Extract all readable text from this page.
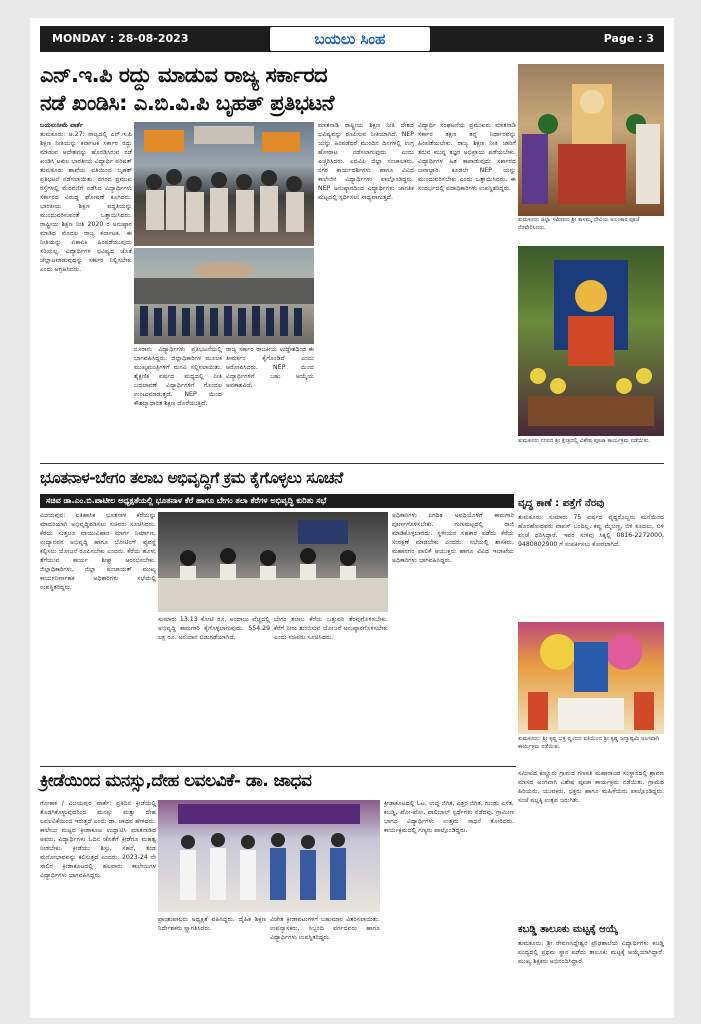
MONDAY : 28-08-2023	ಬಯಲು ಸಿಂಹ	Page : 3
ಎನ್.ಇ.ಪಿ ರದ್ದು ಮಾಡುವ ರಾಜ್ಯ ಸರ್ಕಾರದ
ನಡೆ ಖಂಡಿಸಿ: ಎ.ಬಿ.ವಿ.ಪಿ ಬೃಹತ್ ಪ್ರತಿಭಟನೆ
ಬಯಲುಸೀಮೆ ವಾರ್ತೆ
ತುಮಕೂರು: ಆ.27: ರಾಜ್ಯದಲ್ಲಿ ಎನ್.ಇ.ಪಿ ಶಿಕ್ಷಣ ನೀತಿಯನ್ನು ಕರ್ನಾಟಕ ಸರ್ಕಾರ ರದ್ದು ಮಾಡುವ ಆದೇಶವನ್ನು ಹೊರಡಿಸಿರುವ ನಡೆ ಖಂಡಿಸಿ ಅಖಿಲ ಭಾರತೀಯ ವಿದ್ಯಾರ್ಥಿ ಪರಿಷತ್ ತುಮಕೂರು ಶಾಖೆಯ ವತಿಯಿಂದ ಬೃಹತ್ ಪ್ರತಿಭಟನೆ ನಡೆಸಲಾಯಿತು. ನಗರದ ಪ್ರಮುಖ ರಸ್ತೆಗಳಲ್ಲಿ ಮೆರವಣಿಗೆ ನಡೆಸಿದ ವಿದ್ಯಾರ್ಥಿಗಳು ಸರ್ಕಾರದ ವಿರುದ್ಧ ಘೋಷಣೆ ಕೂಗಿದರು. ಭಾರತೀಯ ಶಿಕ್ಷಣ ಪದ್ಧತಿಯನ್ನು ಮುಂದುವರಿಸುವಂತೆ ಒತ್ತಾಯಿಸಿದರು. ರಾಷ್ಟ್ರೀಯ ಶಿಕ್ಷಣ ನೀತಿ 2020 ರ ಅನುಷ್ಠಾನ ಮಾಡಿದ ಮೊದಲ ರಾಜ್ಯ ಕರ್ನಾಟಕ. ಈ ನೀತಿಯನ್ನು ಏಕಾಏಕಿ ಹಿಂಪಡೆಯುವುದು ಸರಿಯಲ್ಲ. ವಿದ್ಯಾರ್ಥಿಗಳ ಭವಿಷ್ಯದ ಜೊತೆ ಚೆಲ್ಲಾಟವಾಡುವುದನ್ನು ಸರ್ಕಾರ ನಿಲ್ಲಿಸಬೇಕು ಎಂದು ಆಗ್ರಹಿಸಿದರು.
ನೂರಾರು ವಿದ್ಯಾರ್ಥಿಗಳು ಪ್ರತಿಭಟನೆಯಲ್ಲಿ ಭಾಗವಹಿಸಿದ್ದರು. ಜಿಲ್ಲಾಧಿಕಾರಿಗಳ ಮೂಲಕ ಮುಖ್ಯಮಂತ್ರಿಗಳಿಗೆ ಮನವಿ ಸಲ್ಲಿಸಲಾಯಿತು. ಶೈಕ್ಷಣಿಕ ವರ್ಷದ ಮಧ್ಯದಲ್ಲಿ ನೀತಿ ಬದಲಾವಣೆ ವಿದ್ಯಾರ್ಥಿಗಳಿಗೆ ಗೊಂದಲ ಉಂಟುಮಾಡುತ್ತದೆ. NEP ಯಿಂದ ಕೌಶಲ್ಯಾಧಾರಿತ ಶಿಕ್ಷಣ ದೊರೆಯುತ್ತಿದೆ.
ರಾಜ್ಯ ಸರ್ಕಾರ ರಾಜಕೀಯ ಉದ್ದೇಶದಿಂದ ಈ ತೀರ್ಮಾನ ಕೈಗೊಂಡಿದೆ ಎಂದು ಆರೋಪಿಸಿದರು. NEP ಯಿಂದ ವಿದ್ಯಾರ್ಥಿಗಳಿಗೆ ಬಹು ಆಯ್ಕೆಯ ಅವಕಾಶವಿದೆ.
ಮಾತನಾಡಿ ರಾಷ್ಟ್ರೀಯ ಶಿಕ್ಷಣ ನೀತಿ ದೇಶದ ಭವಿಷ್ಯವನ್ನು ರೂಪಿಸುವ ನೀತಿಯಾಗಿದೆ. NEP ಯನ್ನು ಹಿಂಪಡೆದರೆ ಮುಂದಿನ ದಿನಗಳಲ್ಲಿ ಉಗ್ರ ಹೋರಾಟ ನಡೆಸಲಾಗುವುದು ಎಂದು ಎಚ್ಚರಿಸಿದರು. ಎಬಿವಿಪಿ ಜಿಲ್ಲಾ ಸಂಚಾಲಕರು, ನಗರ ಕಾರ್ಯದರ್ಶಿಗಳು ಹಾಗೂ ವಿವಿಧ ಕಾಲೇಜಿನ ವಿದ್ಯಾರ್ಥಿಗಳು ಪಾಲ್ಗೊಂಡಿದ್ದರು. NEP ಅನುಷ್ಠಾನದಿಂದ ವಿದ್ಯಾರ್ಥಿಗಳು ಜಾಗತಿಕ ಮಟ್ಟದಲ್ಲಿ ಸ್ಪರ್ಧಿಸಲು ಸಾಧ್ಯವಾಗುತ್ತದೆ.
ವಿದ್ಯಾರ್ಥಿ ಸಂಘಟನೆಯ ಪ್ರಮುಖರು ಮಾತನಾಡಿ ಸರ್ಕಾರ ತಕ್ಷಣ ತನ್ನ ನಿರ್ಧಾರವನ್ನು ಹಿಂಪಡೆಯಬೇಕು. ರಾಜ್ಯ ಶಿಕ್ಷಣ ನೀತಿ ಜಾರಿಗೆ ತರುವ ಮುನ್ನ ತಜ್ಞರ ಅಭಿಪ್ರಾಯ ಪಡೆಯಬೇಕು. ವಿದ್ಯಾರ್ಥಿಗಳ ಹಿತ ಕಾಪಾಡುವುದು ಸರ್ಕಾರದ ಜವಾಬ್ದಾರಿ. ಕೂಡಲೇ NEP ಯನ್ನು ಮುಂದುವರಿಸಬೇಕು ಎಂದು ಒತ್ತಾಯಿಸಿದರು. ಈ ಸಂದರ್ಭದಲ್ಲಿ ಪದಾಧಿಕಾರಿಗಳು ಉಪಸ್ಥಿತರಿದ್ದರು.
ತುಮಕೂರು ಜಿಲ್ಲಾ ಸಮೀಪದ ಶ್ರೀ ಕಾಳಮ್ಮ ದೇವಿಯ ಅಲಂಕಾರ ಪೂಜೆ ನೆರವೇರಿಸಿದರು.
ತುಮಕೂರು ನಗರದ ಶ್ರೀ ಕ್ಷೇತ್ರದಲ್ಲಿ ವಿಶೇಷ ಪೂಜಾ ಕಾರ್ಯಕ್ರಮ ನಡೆಯಿತು.
ಭೂತನಾಳ-ಬೇಗಂ ತಲಾಬ ಅಭಿವೃದ್ಧಿಗೆ ಕ್ರಮ ಕೈಗೊಳ್ಳಲು ಸೂಚನೆ
ಸಚಿವ ಡಾ.ಎಂ.ಬಿ.ಪಾಟೀಲ ಅಧ್ಯಕ್ಷತೆಯಲ್ಲಿ ಭೂತನಾಳ ಕೆರೆ ಹಾಗೂ ಬೇಗಂ ತಲಾ ಕೆರೆಗಳ ಅಭಿವೃದ್ಧಿ ಕುರಿತು ಸಭೆ
ವಿಜಯಪುರ: ಐತಿಹಾಸಿಕ ಭೂತನಾಳ ಕೆರೆಯನ್ನು ಮಾದರಿಯಾಗಿ ಅಭಿವೃದ್ಧಿಪಡಿಸಲು ಸಚಿವರು ಸೂಚಿಸಿದರು. ಕೆರೆಯ ಸುತ್ತಲೂ ವಾಯುವಿಹಾರ ಮಾರ್ಗ ನಿರ್ಮಾಣ, ಉದ್ಯಾನವನ ಅಭಿವೃದ್ಧಿ ಹಾಗೂ ಬೋಟಿಂಗ್ ವ್ಯವಸ್ಥೆ ಕಲ್ಪಿಸಲು ಯೋಜನೆ ರೂಪಿಸಬೇಕು ಎಂದರು. ಕೆರೆಯ ಹೂಳು ತೆಗೆಯುವ ಕಾರ್ಯ ಶೀಘ್ರ ಆರಂಭಿಸಬೇಕು. ಜಿಲ್ಲಾಧಿಕಾರಿಗಳು, ಜಿಲ್ಲಾ ಪಂಚಾಯತ್ ಮುಖ್ಯ ಕಾರ್ಯನಿರ್ವಾಹಕ ಅಧಿಕಾರಿಗಳು ಸಭೆಯಲ್ಲಿ ಉಪಸ್ಥಿತರಿದ್ದರು.
ಸುಮಾರು 13.13 ಕೋಟಿ ರೂ. ಅಂದಾಜು ವೆಚ್ಚದಲ್ಲಿ ಅಭಿವೃದ್ಧಿ ಕಾಮಗಾರಿ ಕೈಗೊಳ್ಳಲಾಗುವುದು. 554.29 ಲಕ್ಷ ರೂ. ಅನುದಾನ ಬಿಡುಗಡೆಯಾಗಿದೆ.
ಬೇಗಂ ತಲಾಬ ಕೆರೆಯ ಒತ್ತುವರಿ ತೆರವುಗೊಳಿಸಬೇಕು. ಕೆರೆಗೆ ನೀರು ತುಂಬಿಸುವ ಯೋಜನೆ ಅನುಷ್ಠಾನಗೊಳಿಸಬೇಕು ಎಂದು ಸಚಿವರು ಸೂಚಿಸಿದರು.
ಅಧಿಕಾರಿಗಳು ನಿಗದಿತ ಅವಧಿಯೊಳಗೆ ಕಾಮಗಾರಿ ಪೂರ್ಣಗೊಳಿಸಬೇಕು. ಗುಣಮಟ್ಟದಲ್ಲಿ ರಾಜಿ ಮಾಡಿಕೊಳ್ಳಬಾರದು. ಸ್ಥಳೀಯರ ಸಹಕಾರ ಪಡೆದು ಕೆರೆಯ ಸಂರಕ್ಷಣೆ ಮಾಡಬೇಕು ಎಂದರು. ಸಭೆಯಲ್ಲಿ ಶಾಸಕರು, ಮಹಾನಗರ ಪಾಲಿಕೆ ಆಯುಕ್ತರು ಹಾಗೂ ವಿವಿಧ ಇಲಾಖೆಯ ಅಧಿಕಾರಿಗಳು ಭಾಗವಹಿಸಿದ್ದರು.
ವೃದ್ಧ ಕಾಣೆ : ಪತ್ತೆಗೆ ನೆರವು
ತುಮಕೂರು: ಸುಮಾರು 75 ವರ್ಷದ ವೃದ್ಧರೊಬ್ಬರು ಮನೆಯಿಂದ ಹೊರಹೋದವರು ವಾಪಸ್ ಬಂದಿಲ್ಲ. ಕಪ್ಪು ಮೈಬಣ್ಣ, ಬಿಳಿ ಕೂದಲು, ಬಿಳಿ ಪಂಚೆ ಧರಿಸಿದ್ದಾರೆ. ಇವರ ಸುಳಿವು ಸಿಕ್ಕಲ್ಲಿ 0816-2272000, 9480802900 ಗೆ ಸಂಪರ್ಕಿಸಲು ಕೋರಲಾಗಿದೆ.
ತುಮಕೂರು: ಶ್ರೀ ಕೃಷ್ಣ ಭಕ್ತ ವೃಂದದ ವತಿಯಿಂದ ಶ್ರೀ ಕೃಷ್ಣ ಜನ್ಮಾಷ್ಟಮಿ ಅಂಗವಾಗಿ ಕಾರ್ಯಕ್ರಮ ನಡೆಯಿತು.
ಕ್ರೀಡೆಯಿಂದ ಮನಸ್ಸು,ದೇಹ ಲವಲವಿಕೆ- ಡಾ. ಜಾಧವ
ಗೋಕಾಕ / ವಿಜಯಪುರ ವಾರ್ತೆ: ಪ್ರತಿದಿನ ಕ್ರೀಡೆಯಲ್ಲಿ ತೊಡಗಿಕೊಳ್ಳುವುದರಿಂದ ಮನಸ್ಸು ಮತ್ತು ದೇಹ ಲವಲವಿಕೆಯಿಂದ ಇರುತ್ತದೆ ಎಂದು ಡಾ. ಜಾಧವ ಹೇಳಿದರು. ಕಾಲೇಜು ಮಟ್ಟದ ಕ್ರೀಡಾಕೂಟ ಉದ್ಘಾಟಿಸಿ ಮಾತನಾಡಿದ ಅವರು, ವಿದ್ಯಾರ್ಥಿಗಳು ಓದಿನ ಜೊತೆಗೆ ಕ್ರೀಡೆಗೂ ಮಹತ್ವ ನೀಡಬೇಕು. ಕ್ರೀಡೆಯು ಶಿಸ್ತು, ಸಹನೆ, ತಂಡ ಮನೋಭಾವವನ್ನು ಕಲಿಸುತ್ತದೆ ಎಂದರು. 2023-24 ನೇ ಸಾಲಿನ ಕ್ರೀಡಾಕೂಟದಲ್ಲಿ ಹಲವಾರು ಕಾಲೇಜುಗಳ ವಿದ್ಯಾರ್ಥಿಗಳು ಭಾಗವಹಿಸಿದ್ದರು.
ಪ್ರಾಂಶುಪಾಲರು ಅಧ್ಯಕ್ಷತೆ ವಹಿಸಿದ್ದರು. ದೈಹಿಕ ಶಿಕ್ಷಣ ನಿರ್ದೇಶಕರು ಸ್ವಾಗತಿಸಿದರು.
ವಿಜೇತ ಕ್ರೀಡಾಪಟುಗಳಿಗೆ ಬಹುಮಾನ ವಿತರಿಸಲಾಯಿತು. ಉಪನ್ಯಾಸಕರು, ಸಿಬ್ಬಂದಿ ವರ್ಗದವರು ಹಾಗೂ ವಿದ್ಯಾರ್ಥಿಗಳು ಉಪಸ್ಥಿತರಿದ್ದರು.
ಕ್ರೀಡಾಕೂಟದಲ್ಲಿ ಓಟ, ಉದ್ದ ಜಿಗಿತ, ಎತ್ತರ ಜಿಗಿತ, ಗುಂಡು ಎಸೆತ, ಕಬಡ್ಡಿ, ಖೋ-ಖೋ, ವಾಲಿಬಾಲ್ ಸ್ಪರ್ಧೆಗಳು ನಡೆದವು. ಗ್ರಾಮೀಣ ಭಾಗದ ವಿದ್ಯಾರ್ಥಿಗಳು ಉತ್ತಮ ಸಾಧನೆ ತೋರಿದರು. ಕಾರ್ಯಕ್ರಮದಲ್ಲಿ ಗಣ್ಯರು ಪಾಲ್ಗೊಂಡಿದ್ದರು.
ಸಮೀಪದ ಕಣ್ಣೂರು ಗ್ರಾಮದ ಗಣಪತಿ ಮಹಾರಾಜರ ಸಂಸ್ಥಾನದಲ್ಲಿ ಶ್ರಾವಣ ಮಾಸದ ಅಂಗವಾಗಿ ವಿಶೇಷ ಪೂಜಾ ಕಾರ್ಯಕ್ರಮ ನಡೆಯಿತು. ಗ್ರಾಮದ ಹಿರಿಯರು, ಯುವಕರು, ಭಕ್ತರು ಹಾಗೂ ಮಹಿಳೆಯರು ಪಾಲ್ಗೊಂಡಿದ್ದರು. ಸಂಜೆ ಪಲ್ಲಕ್ಕಿ ಉತ್ಸವ ಜರುಗಿತು.
ಕಬಡ್ಡಿ ತಾಲೂಕು ಮಟ್ಟಕ್ಕೆ ಆಯ್ಕೆ
ತುಮಕೂರು: ಶ್ರೀ ರೇವಣಸಿದ್ದೇಶ್ವರ ಪ್ರೌಢಶಾಲೆಯ ವಿದ್ಯಾರ್ಥಿಗಳು ಕಬಡ್ಡಿ ಪಂದ್ಯದಲ್ಲಿ ಪ್ರಥಮ ಸ್ಥಾನ ಪಡೆದು ತಾಲೂಕು ಮಟ್ಟಕ್ಕೆ ಆಯ್ಕೆಯಾಗಿದ್ದಾರೆ. ಮುಖ್ಯ ಶಿಕ್ಷಕರು ಅಭಿನಂದಿಸಿದ್ದಾರೆ.
